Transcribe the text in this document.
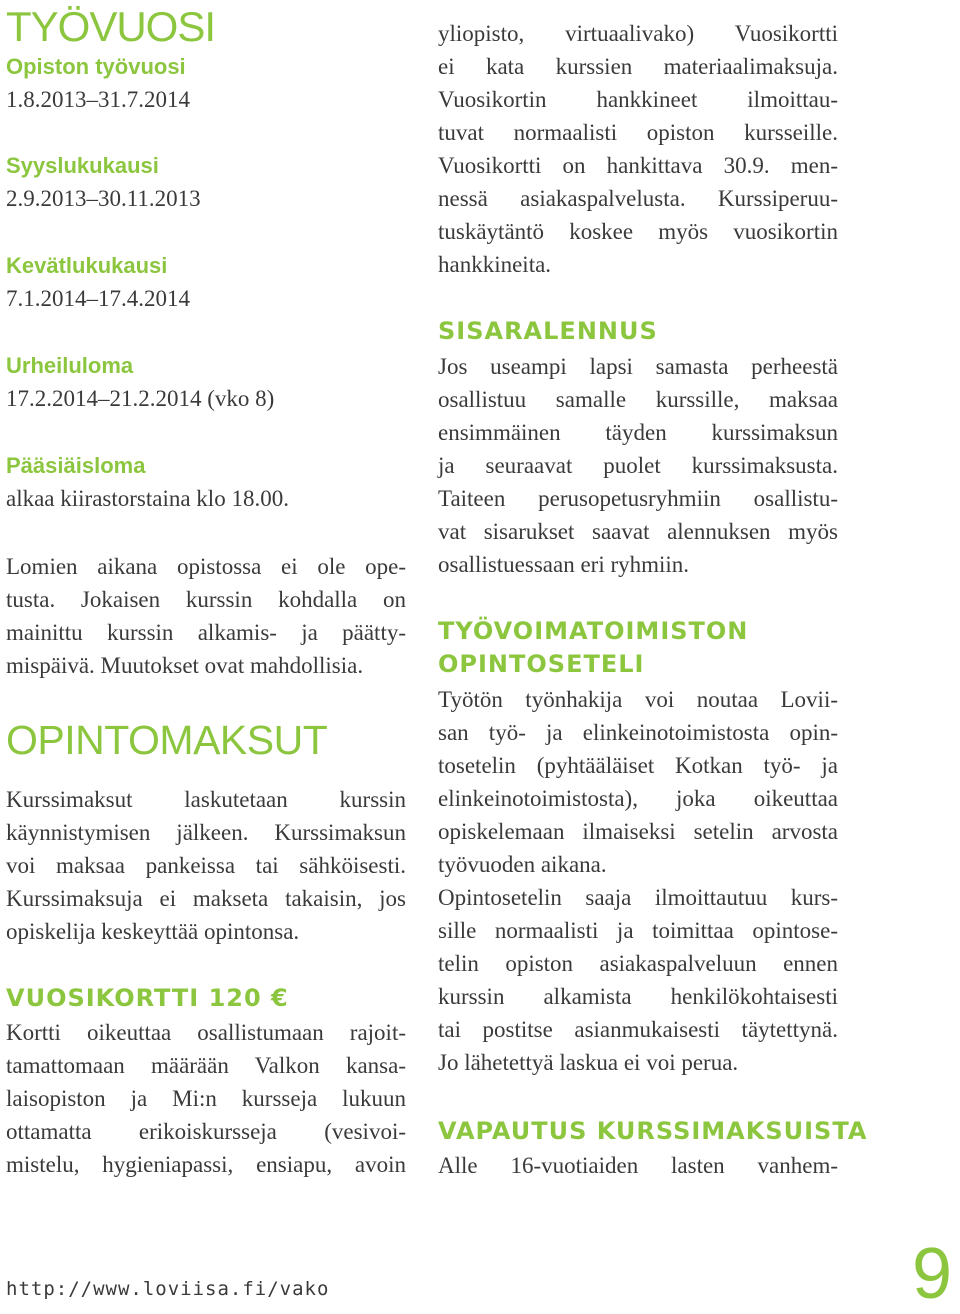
TYÖVUOSI
Opiston työvuosi
1.8.2013–31.7.2014
Syyslukukausi
2.9.2013–30.11.2013
Kevätlukukausi
7.1.2014–17.4.2014
Urheiluloma
17.2.2014–21.2.2014 (vko 8)
Pääsiäisloma
alkaa kiirastorstaina klo 18.00.
Lomien aikana opistossa ei ole ope-
tusta. Jokaisen kurssin kohdalla on
mainittu kurssin alkamis- ja päätty-
mispäivä. Muutokset ovat mahdollisia.
OPINTOMAKSUT
Kurssimaksut laskutetaan kurssin
käynnistymisen jälkeen. Kurssimaksun
voi maksaa pankeissa tai sähköisesti.
Kurssimaksuja ei makseta takaisin, jos
opiskelija keskeyttää opintonsa.
VUOSIKORTTI 120 €
Kortti oikeuttaa osallistumaan rajoit-
tamattomaan määrään Valkon kansa-
laisopiston ja Mi:n kursseja lukuun
ottamatta erikoiskursseja (vesivoi-
mistelu, hygieniapassi, ensiapu, avoin
yliopisto, virtuaalivako) Vuosikortti
ei kata kurssien materiaalimaksuja.
Vuosikortin hankkineet ilmoittau-
tuvat normaalisti opiston kursseille.
Vuosikortti on hankittava 30.9. men-
nessä asiakaspalvelusta. Kurssiperuu-
tuskäytäntö koskee myös vuosikortin
hankkineita.
SISARALENNUS
Jos useampi lapsi samasta perheestä
osallistuu samalle kurssille, maksaa
ensimmäinen täyden kurssimaksun
ja seuraavat puolet kurssimaksusta.
Taiteen perusopetusryhmiin osallistu-
vat sisarukset saavat alennuksen myös
osallistuessaan eri ryhmiin.
TYÖVOIMATOIMISTON
OPINTOSETELI
Työtön työnhakija voi noutaa Lovii-
san työ- ja elinkeinotoimistosta opin-
tosetelin (pyhtääläiset Kotkan työ- ja
elinkeinotoimistosta), joka oikeuttaa
opiskelemaan ilmaiseksi setelin arvosta
työvuoden aikana.
Opintosetelin saaja ilmoittautuu kurs-
sille normaalisti ja toimittaa opintose-
telin opiston asiakaspalveluun ennen
kurssin alkamista henkilökohtaisesti
tai postitse asianmukaisesti täytettynä.
Jo lähetettyä laskua ei voi perua.
VAPAUTUS KURSSIMAKSUISTA
Alle 16-vuotiaiden lasten vanhem-
http://www.loviisa.fi/vako	9
